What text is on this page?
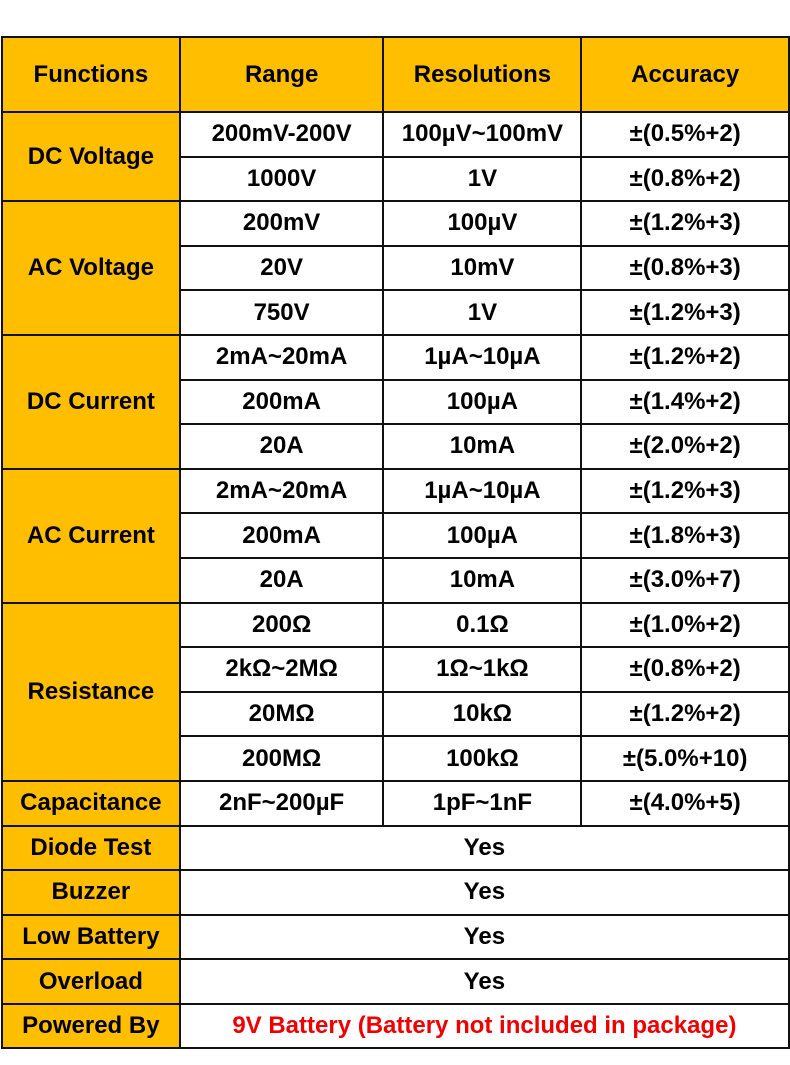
Functions	Range	Resolutions	Accuracy
DC Voltage	200mV-200V	100µV~100mV	±(0.5%+2)
	1000V	1V	±(0.8%+2)
AC Voltage	200mV	100µV	±(1.2%+3)
	20V	10mV	±(0.8%+3)
	750V	1V	±(1.2%+3)
DC Current	2mA~20mA	1µA~10µA	±(1.2%+2)
	200mA	100µA	±(1.4%+2)
	20A	10mA	±(2.0%+2)
AC Current	2mA~20mA	1µA~10µA	±(1.2%+3)
	200mA	100µA	±(1.8%+3)
	20A	10mA	±(3.0%+7)
Resistance	200Ω	0.1Ω	±(1.0%+2)
	2kΩ~2MΩ	1Ω~1kΩ	±(0.8%+2)
	20MΩ	10kΩ	±(1.2%+2)
	200MΩ	100kΩ	±(5.0%+10)
Capacitance	2nF~200µF	1pF~1nF	±(4.0%+5)
Diode Test	Yes		
Buzzer	Yes		
Low Battery	Yes		
Overload	Yes		
Powered By	9V Battery (Battery not included in package)		
